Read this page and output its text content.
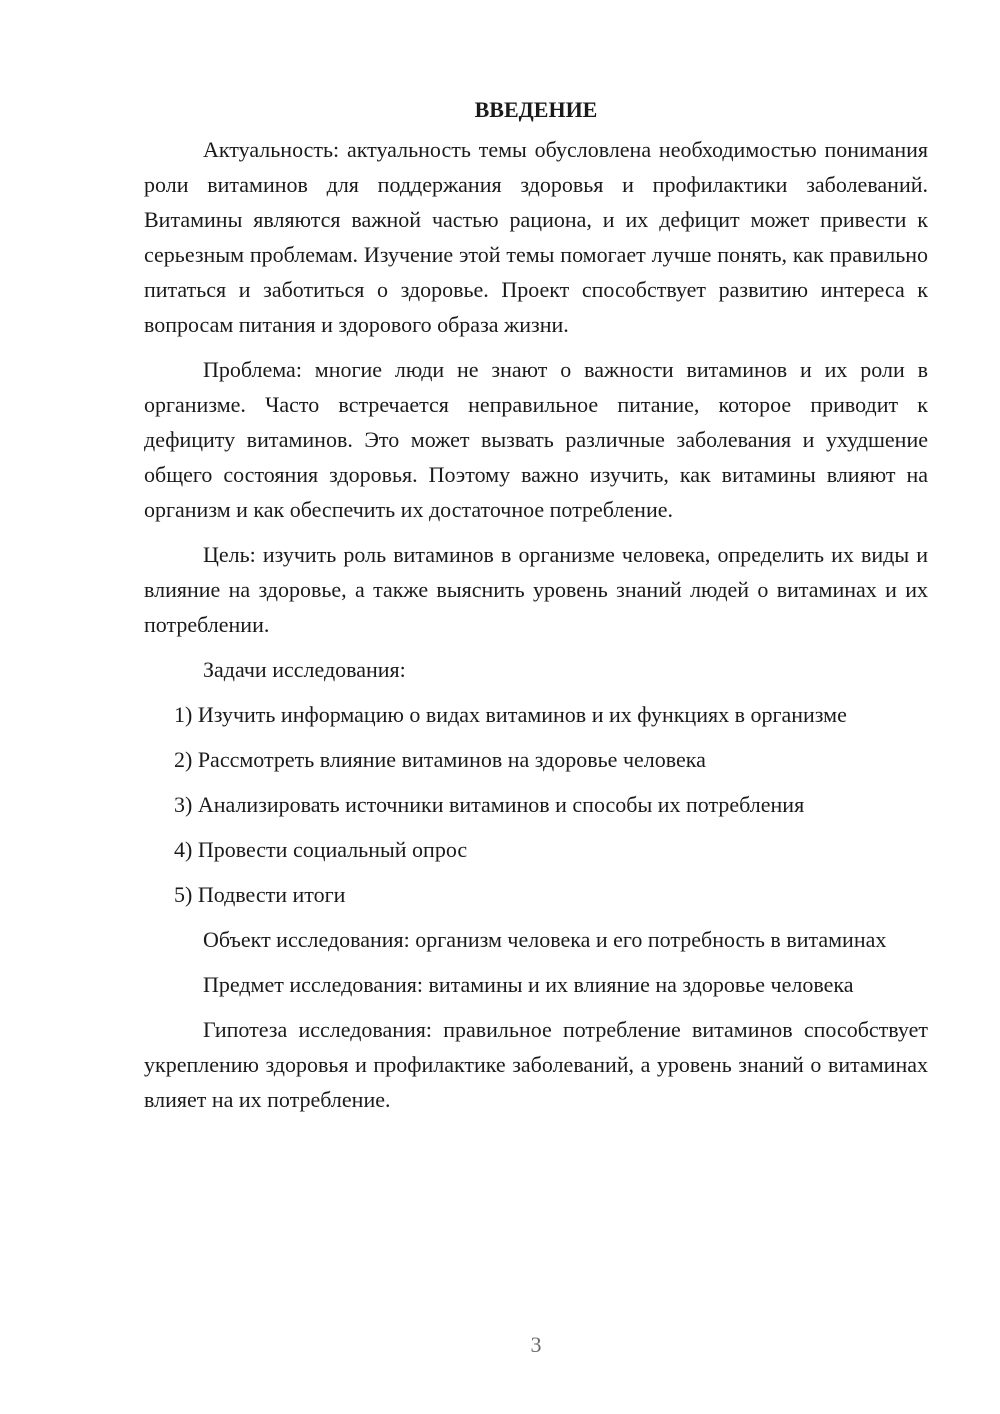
ВВЕДЕНИЕ

Актуальность: актуальность темы обусловлена необходимостью понимания роли витаминов для поддержания здоровья и профилактики заболеваний. Витамины являются важной частью рациона, и их дефицит может привести к серьезным проблемам. Изучение этой темы помогает лучше понять, как правильно питаться и заботиться о здоровье. Проект способствует развитию интереса к вопросам питания и здорового образа жизни.

Проблема: многие люди не знают о важности витаминов и их роли в организме. Часто встречается неправильное питание, которое приводит к дефициту витаминов. Это может вызвать различные заболевания и ухудшение общего состояния здоровья. Поэтому важно изучить, как витамины влияют на организм и как обеспечить их достаточное потребление.

Цель: изучить роль витаминов в организме человека, определить их виды и влияние на здоровье, а также выяснить уровень знаний людей о витаминах и их потреблении.

Задачи исследования:

1) Изучить информацию о видах витаминов и их функциях в организме

2) Рассмотреть влияние витаминов на здоровье человека

3) Анализировать источники витаминов и способы их потребления

4) Провести социальный опрос

5) Подвести итоги

Объект исследования: организм человека и его потребность в витаминах

Предмет исследования: витамины и их влияние на здоровье человека

Гипотеза исследования: правильное потребление витаминов способствует укреплению здоровья и профилактике заболеваний, а уровень знаний о витаминах влияет на их потребление.

3
